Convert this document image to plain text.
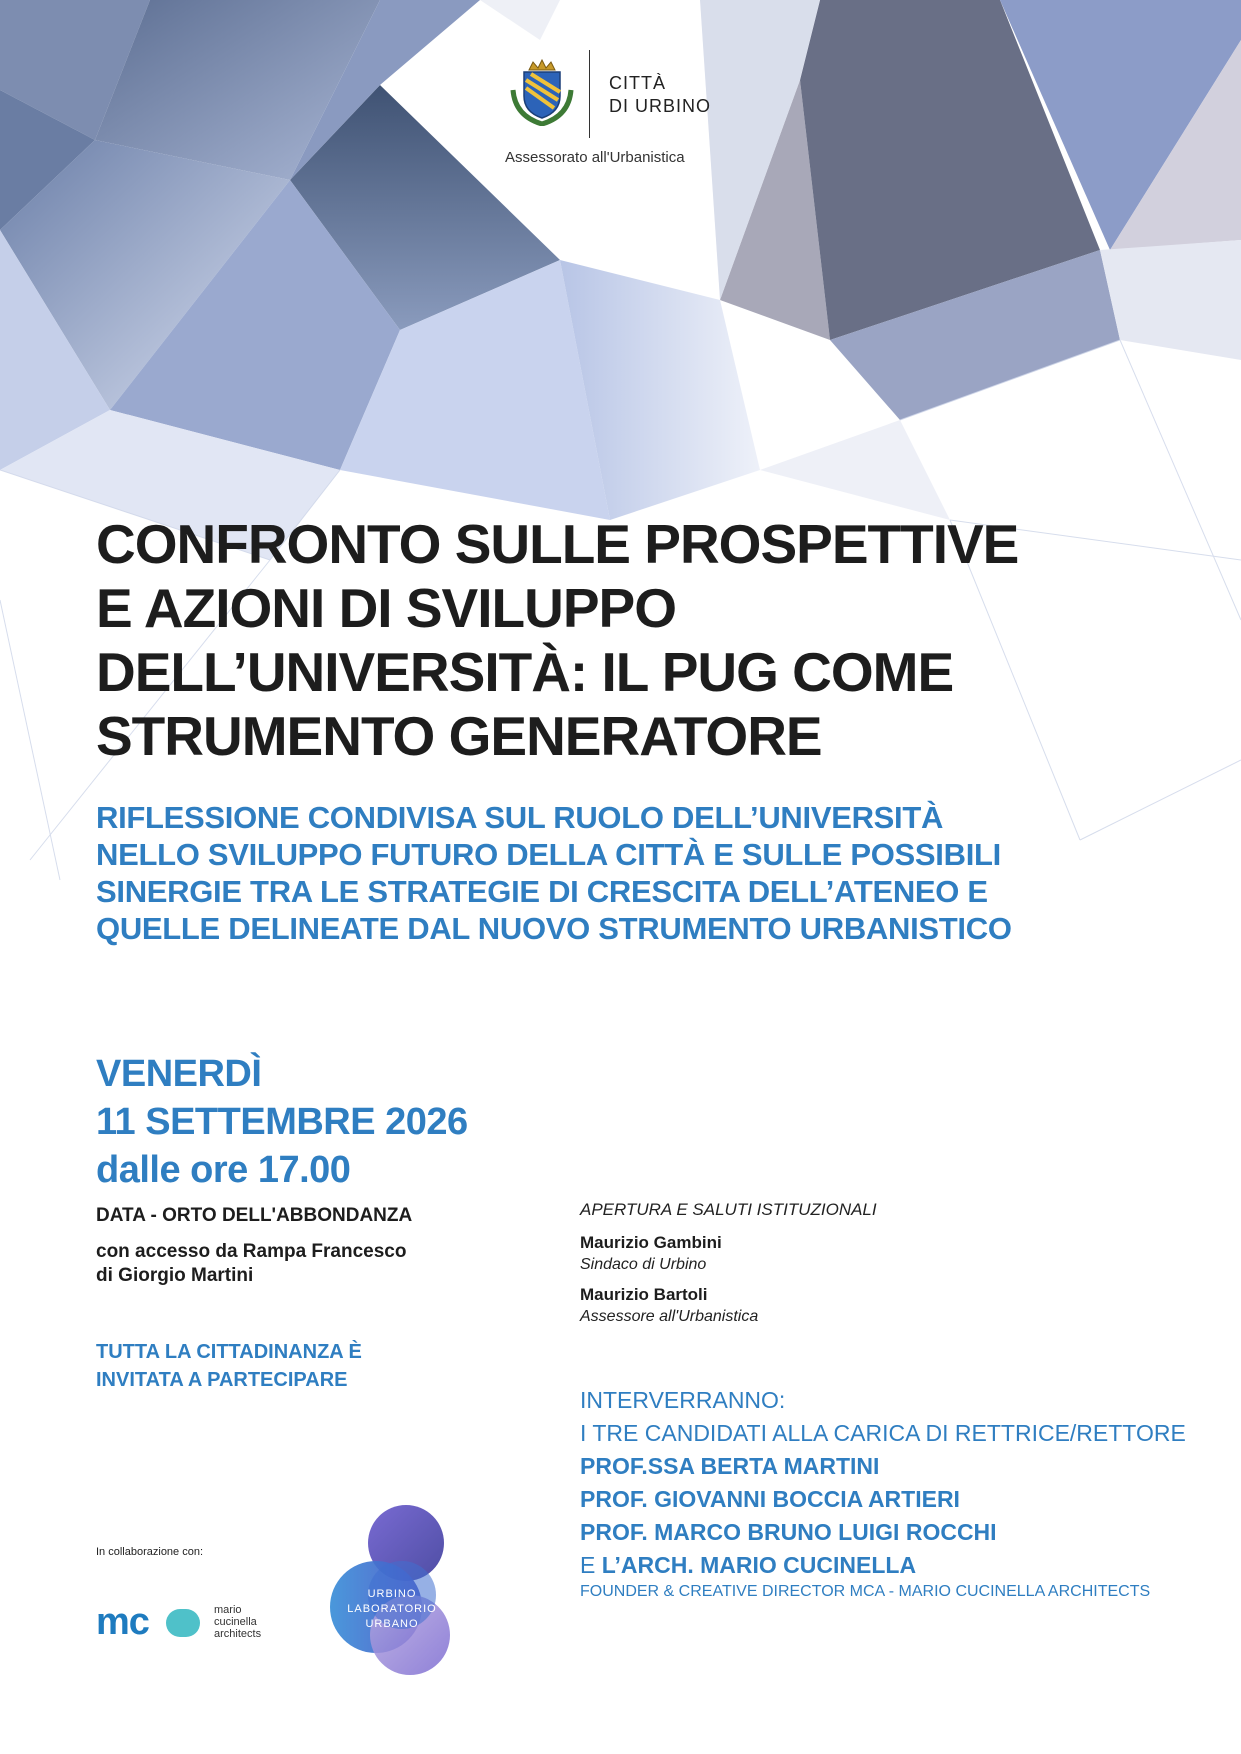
CITTÀ
DI URBINO
Assessorato all'Urbanistica
CONFRONTO SULLE PROSPETTIVE
E AZIONI DI SVILUPPO
DELL’UNIVERSITÀ: IL PUG COME
STRUMENTO GENERATORE
RIFLESSIONE CONDIVISA SUL RUOLO DELL’UNIVERSITÀ
NELLO SVILUPPO FUTURO DELLA CITTÀ E SULLE POSSIBILI
SINERGIE TRA LE STRATEGIE DI CRESCITA DELL’ATENEO E
QUELLE DELINEATE DAL NUOVO STRUMENTO URBANISTICO
VENERDÌ
11 SETTEMBRE 2026
dalle ore 17.00
DATA - ORTO DELL'ABBONDANZA
con accesso da Rampa Francesco
di Giorgio Martini
TUTTA LA CITTADINANZA È
INVITATA A PARTECIPARE
APERTURA E SALUTI ISTITUZIONALI
Maurizio Gambini
Sindaco di Urbino
Maurizio Bartoli
Assessore all'Urbanistica
INTERVERRANNO:
I TRE CANDIDATI ALLA CARICA DI RETTRICE/RETTORE
PROF.SSA BERTA MARTINI
PROF. GIOVANNI BOCCIA ARTIERI
PROF. MARCO BRUNO LUIGI ROCCHI
E L’ARCH. MARIO CUCINELLA
FOUNDER & CREATIVE DIRECTOR MCA - MARIO CUCINELLA ARCHITECTS
In collaborazione con:
mc	mario
cucinella
architects
URBINO
LABORATORIO
URBANO
